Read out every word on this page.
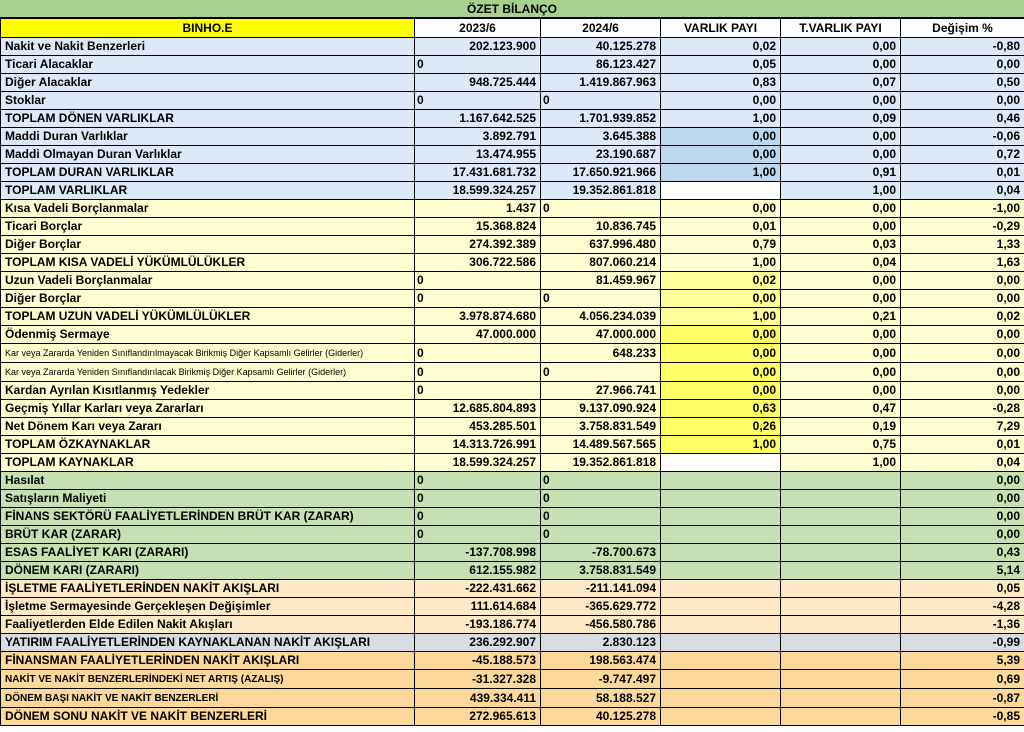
ÖZET BİLANÇO
BINHO.E	2023/6	2024/6	VARLIK PAYI	T.VARLIK PAYI	Değişim %
Nakit ve Nakit Benzerleri	202.123.900	40.125.278	0,02	0,00	-0,80
Ticari Alacaklar	0	86.123.427	0,05	0,00	0,00
Diğer Alacaklar	948.725.444	1.419.867.963	0,83	0,07	0,50
Stoklar	0	0	0,00	0,00	0,00
TOPLAM DÖNEN VARLIKLAR	1.167.642.525	1.701.939.852	1,00	0,09	0,46
Maddi Duran Varlıklar	3.892.791	3.645.388	0,00	0,00	-0,06
Maddi Olmayan Duran Varlıklar	13.474.955	23.190.687	0,00	0,00	0,72
TOPLAM DURAN VARLIKLAR	17.431.681.732	17.650.921.966	1,00	0,91	0,01
TOPLAM VARLIKLAR	18.599.324.257	19.352.861.818		1,00	0,04
Kısa Vadeli Borçlanmalar	1.437	0	0,00	0,00	-1,00
Ticari Borçlar	15.368.824	10.836.745	0,01	0,00	-0,29
Diğer Borçlar	274.392.389	637.996.480	0,79	0,03	1,33
TOPLAM KISA VADELİ YÜKÜMLÜLÜKLER	306.722.586	807.060.214	1,00	0,04	1,63
Uzun Vadeli Borçlanmalar	0	81.459.967	0,02	0,00	0,00
Diğer Borçlar	0	0	0,00	0,00	0,00
TOPLAM UZUN VADELİ YÜKÜMLÜLÜKLER	3.978.874.680	4.056.234.039	1,00	0,21	0,02
Ödenmiş Sermaye	47.000.000	47.000.000	0,00	0,00	0,00
Kar veya Zararda Yeniden Sınıflandırılmayacak Birikmiş Diğer Kapsamlı Gelirler (Giderler)	0	648.233	0,00	0,00	0,00
Kar veya Zararda Yeniden Sınıflandırılacak Birikmiş Diğer Kapsamlı Gelirler (Giderler)	0	0	0,00	0,00	0,00
Kardan Ayrılan Kısıtlanmış Yedekler	0	27.966.741	0,00	0,00	0,00
Geçmiş Yıllar Karları veya Zararları	12.685.804.893	9.137.090.924	0,63	0,47	-0,28
Net Dönem Karı veya Zararı	453.285.501	3.758.831.549	0,26	0,19	7,29
TOPLAM ÖZKAYNAKLAR	14.313.726.991	14.489.567.565	1,00	0,75	0,01
TOPLAM KAYNAKLAR	18.599.324.257	19.352.861.818		1,00	0,04
Hasılat	0	0			0,00
Satışların Maliyeti	0	0			0,00
FİNANS SEKTÖRÜ FAALİYETLERİNDEN BRÜT KAR (ZARAR)	0	0			0,00
BRÜT KAR (ZARAR)	0	0			0,00
ESAS FAALİYET KARI (ZARARI)	-137.708.998	-78.700.673			0,43
DÖNEM KARI (ZARARI)	612.155.982	3.758.831.549			5,14
İŞLETME FAALİYETLERİNDEN NAKİT AKIŞLARI	-222.431.662	-211.141.094			0,05
İşletme Sermayesinde Gerçekleşen Değişimler	111.614.684	-365.629.772			-4,28
Faaliyetlerden Elde Edilen Nakit Akışları	-193.186.774	-456.580.786			-1,36
YATIRIM FAALİYETLERİNDEN KAYNAKLANAN NAKİT AKIŞLARI	236.292.907	2.830.123			-0,99
FİNANSMAN FAALİYETLERİNDEN NAKİT AKIŞLARI	-45.188.573	198.563.474			5,39
NAKİT VE NAKİT BENZERLERİNDEKİ NET ARTIŞ (AZALIŞ)	-31.327.328	-9.747.497			0,69
DÖNEM BAŞI NAKİT VE NAKİT BENZERLERİ	439.334.411	58.188.527			-0,87
DÖNEM SONU NAKİT VE NAKİT BENZERLERİ	272.965.613	40.125.278			-0,85
